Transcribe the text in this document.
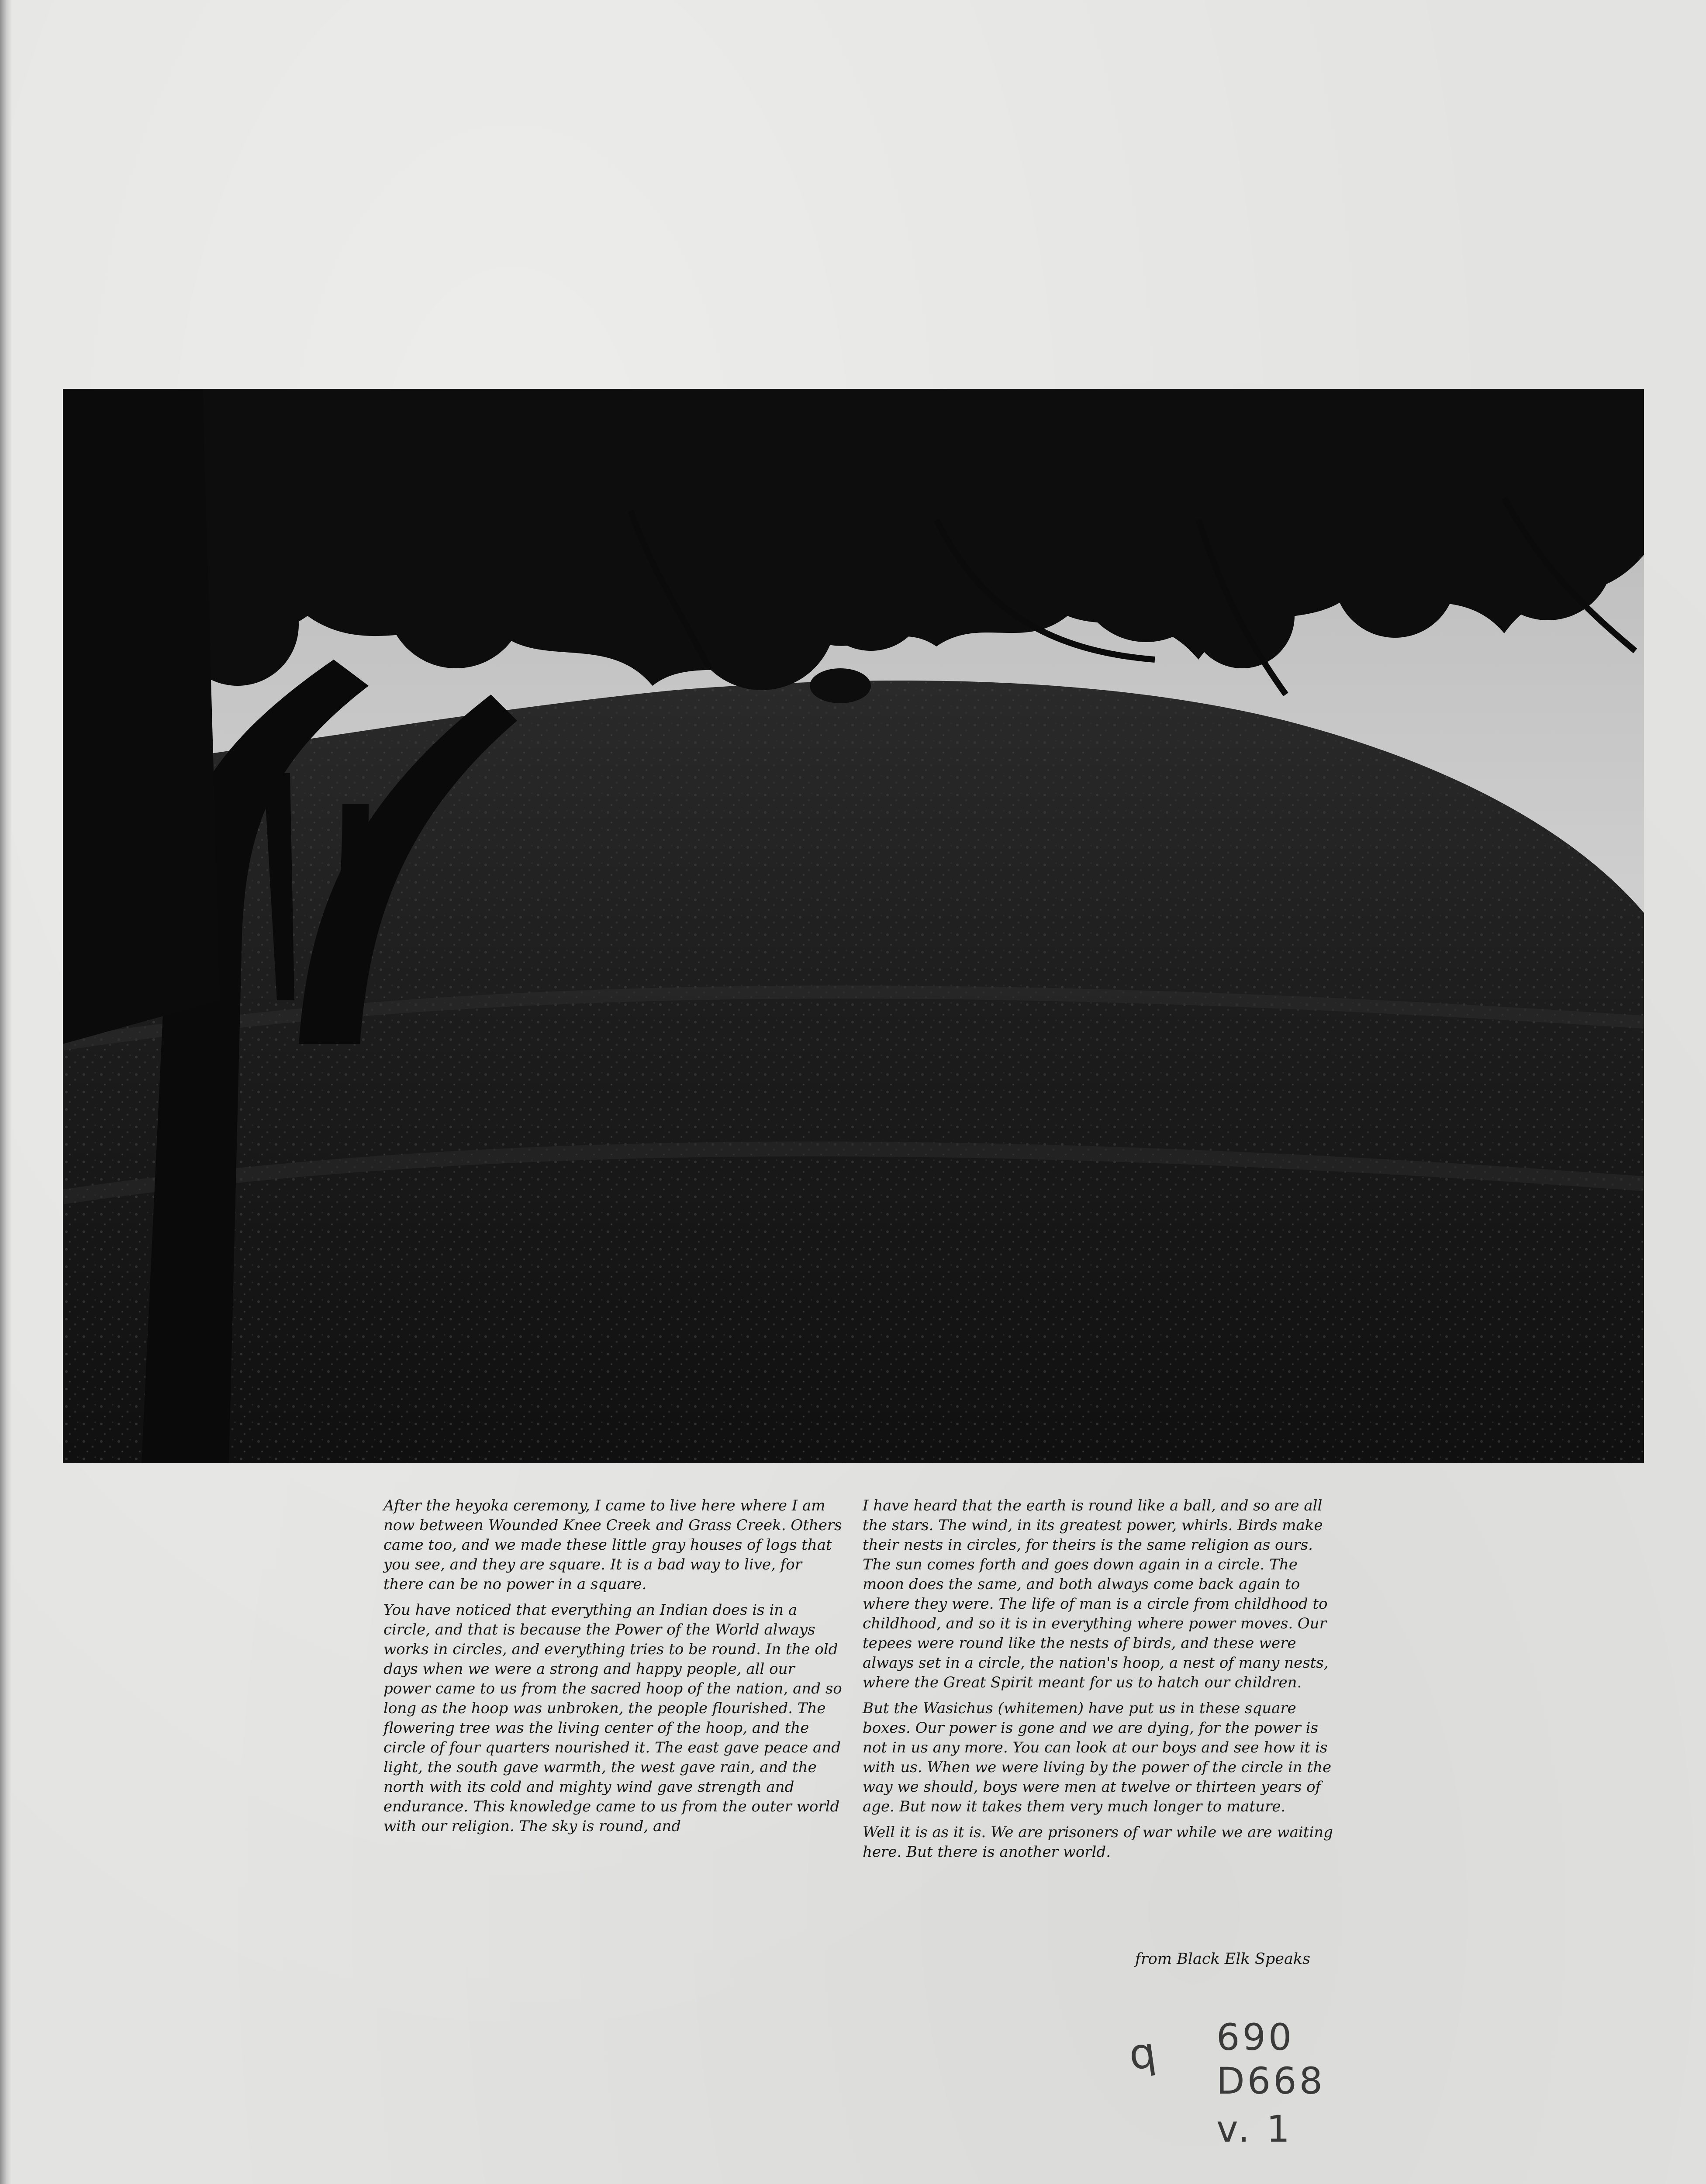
After the heyoka ceremony, I came to live here where I am now between Wounded Knee Creek and Grass Creek. Others came too, and we made these little gray houses of logs that you see, and they are square. It is a bad way to live, for there can be no power in a square.

You have noticed that everything an Indian does is in a circle, and that is because the Power of the World always works in circles, and everything tries to be round. In the old days when we were a strong and happy people, all our power came to us from the sacred hoop of the nation, and so long as the hoop was unbroken, the people flourished. The flowering tree was the living center of the hoop, and the circle of four quarters nourished it. The east gave peace and light, the south gave warmth, the west gave rain, and the north with its cold and mighty wind gave strength and endurance. This knowledge came to us from the outer world with our religion. The sky is round, and

I have heard that the earth is round like a ball, and so are all the stars. The wind, in its greatest power, whirls. Birds make their nests in circles, for theirs is the same religion as ours. The sun comes forth and goes down again in a circle. The moon does the same, and both always come back again to where they were. The life of man is a circle from childhood to childhood, and so it is in everything where power moves. Our tepees were round like the nests of birds, and these were always set in a circle, the nation's hoop, a nest of many nests, where the Great Spirit meant for us to hatch our children.

But the Wasichus (whitemen) have put us in these square boxes. Our power is gone and we are dying, for the power is not in us any more. You can look at our boys and see how it is with us. When we were living by the power of the circle in the way we should, boys were men at twelve or thirteen years of age. But now it takes them very much longer to mature.

Well it is as it is. We are prisoners of war while we are waiting here. But there is another world.

from Black Elk Speaks
q 690
D668
v. 1
